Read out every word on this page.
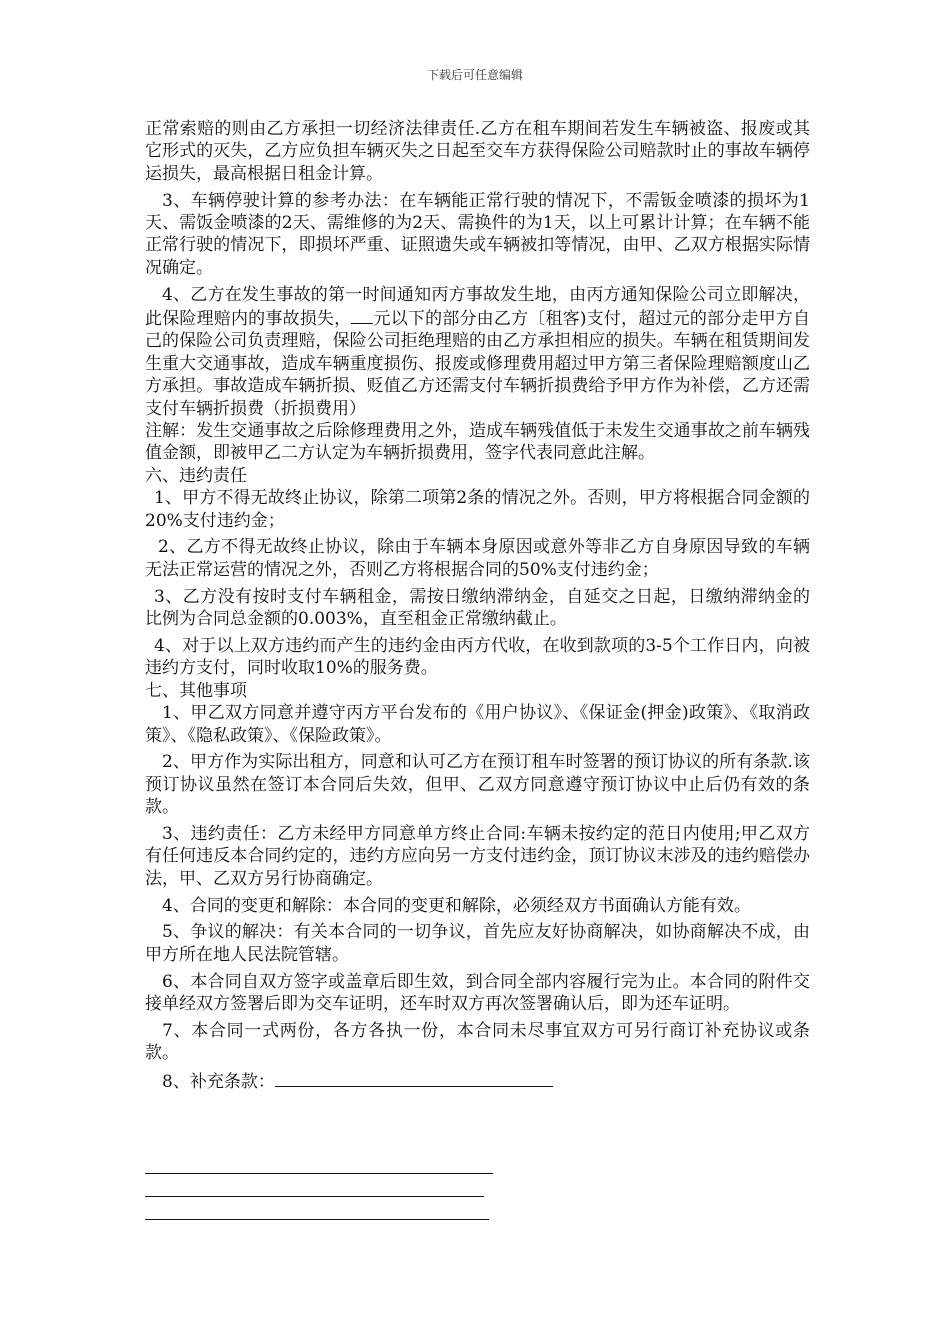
下载后可任意编辑

正常索赔的则由乙方承担一切经济法律责任.乙方在租车期间若发生车辆被盗、报废或其它形式的灭失，乙方应负担车辆灭失之日起至交车方获得保险公司赔款时止的事故车辆停运损失，最高根据日租金计算。

3、车辆停驶计算的参考办法：在车辆能正常行驶的情况下，不需钣金喷漆的损坏为1天、需饭金喷漆的2天、需维修的为2天、需换件的为1天，以上可累计计算；在车辆不能正常行驶的情况下，即损坏严重、证照遗失或车辆被扣等情况，由甲、乙双方根据实际情况确定。

4、乙方在发生事故的第一时间通知丙方事故发生地，由丙方通知保险公司立即解决，此保险理赔内的事故损失， 元以下的部分由乙方〔租客)支付，超过元的部分走甲方自己的保险公司负责理赔，保险公司拒绝理赔的由乙方承担相应的损失。车辆在租赁期间发生重大交通事故，造成车辆重度损伤、报废或修理费用超过甲方第三者保险理赔额度山乙方承担。事故造成车辆折损、贬值乙方还需支付车辆折损费给予甲方作为补偿，乙方还需支付车辆折损费（折损费用）

注解：发生交通事故之后除修理费用之外，造成车辆残值低于未发生交通事故之前车辆残值金额，即被甲乙二方认定为车辆折损费用，签字代表同意此注解。

六、违约责任

1、甲方不得无故终止协议，除第二项第2条的情况之外。否则，甲方将根据合同金额的20%支付违约金；

2、乙方不得无故终止协议，除由于车辆本身原因或意外等非乙方自身原因导致的车辆无法正常运营的情况之外，否则乙方将根据合同的50%支付违约金；

3、乙方没有按时支付车辆租金，需按日缴纳滞纳金，自延交之日起，日缴纳滞纳金的比例为合同总金额的0.003%，直至租金正常缴纳截止。

4、对于以上双方违约而产生的违约金由丙方代收，在收到款项的3-5个工作日内，向被违约方支付，同时收取10%的服务费。

七、其他事项

1、甲乙双方同意并遵守丙方平台发布的《用户协议》、《保证金(押金)政策》、《取消政策》、《隐私政策》、《保险政策》。

2、甲方作为实际出租方，同意和认可乙方在预订租车时签署的预订协议的所有条款.该预订协议虽然在签订本合同后失效，但甲、乙双方同意遵守预订协议中止后仍有效的条款。

3、违约责任：乙方未经甲方同意单方终止合同:车辆未按约定的范日内使用;甲乙双方有任何违反本合同约定的，违约方应向另一方支付违约金，顶订协议末涉及的违约赔偿办法，甲、乙双方另行协商确定。

4、合同的变更和解除：本合同的变更和解除，必须经双方书面确认方能有效。

5、争议的解决：有关本合同的一切争议，首先应友好协商解决，如协商解决不成，由甲方所在地人民法院管辖。

6、本合同自双方签字或盖章后即生效，到合同全部内容履行完为止。本合同的附件交接单经双方签署后即为交车证明，还车时双方再次签署确认后，即为还车证明。

7、本合同一式两份，各方各执一份，本合同未尽事宜双方可另行商订补充协议或条款。

8、补充条款：
